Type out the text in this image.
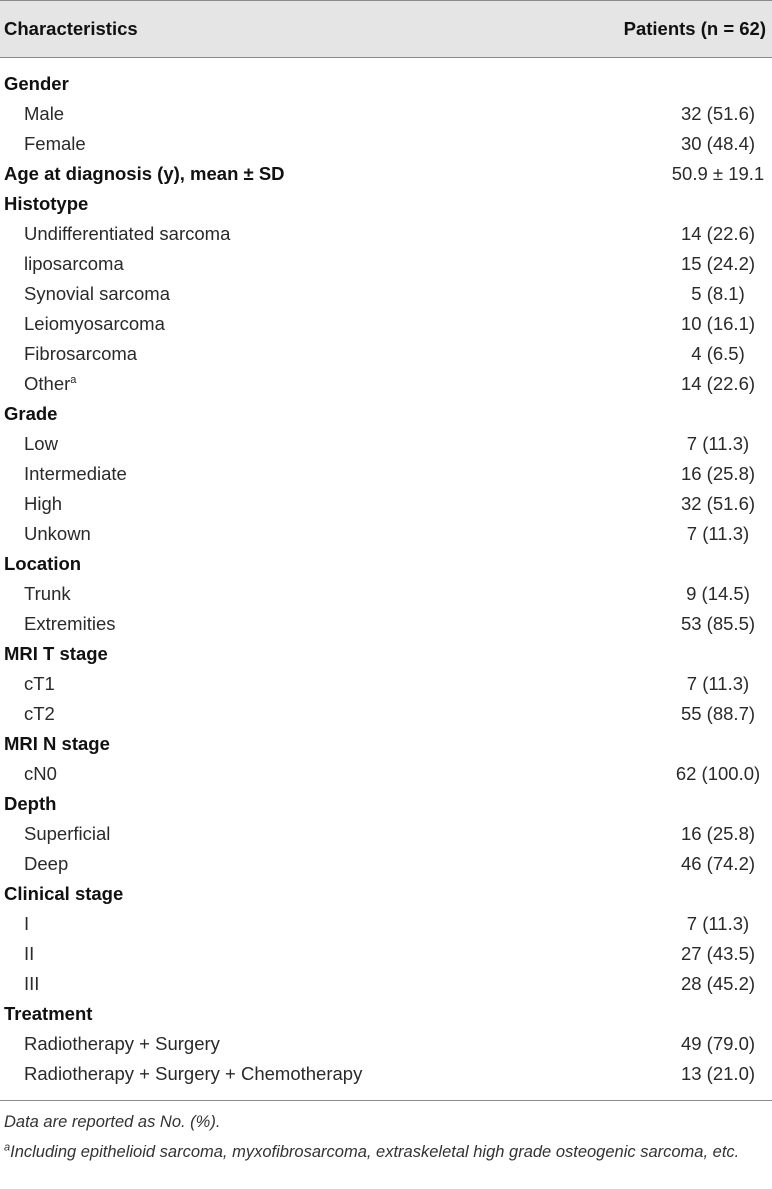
Characteristics	Patients (n = 62)
Gender
Male	32 (51.6)
Female	30 (48.4)
Age at diagnosis (y), mean ± SD	50.9 ± 19.1
Histotype
Undifferentiated sarcoma	14 (22.6)
liposarcoma	15 (24.2)
Synovial sarcoma	5 (8.1)
Leiomyosarcoma	10 (16.1)
Fibrosarcoma	4 (6.5)
Other$^a$	14 (22.6)
Grade
Low	7 (11.3)
Intermediate	16 (25.8)
High	32 (51.6)
Unkown	7 (11.3)
Location
Trunk	9 (14.5)
Extremities	53 (85.5)
MRI T stage
cT1	7 (11.3)
cT2	55 (88.7)
MRI N stage
cN0	62 (100.0)
Depth
Superficial	16 (25.8)
Deep	46 (74.2)
Clinical stage
I	7 (11.3)
II	27 (43.5)
III	28 (45.2)
Treatment
Radiotherapy + Surgery	49 (79.0)
Radiotherapy + Surgery + Chemotherapy	13 (21.0)
Data are reported as No. (%).
$^a$Including epithelioid sarcoma, myxofibrosarcoma, extraskeletal high grade osteogenic sarcoma, etc.
